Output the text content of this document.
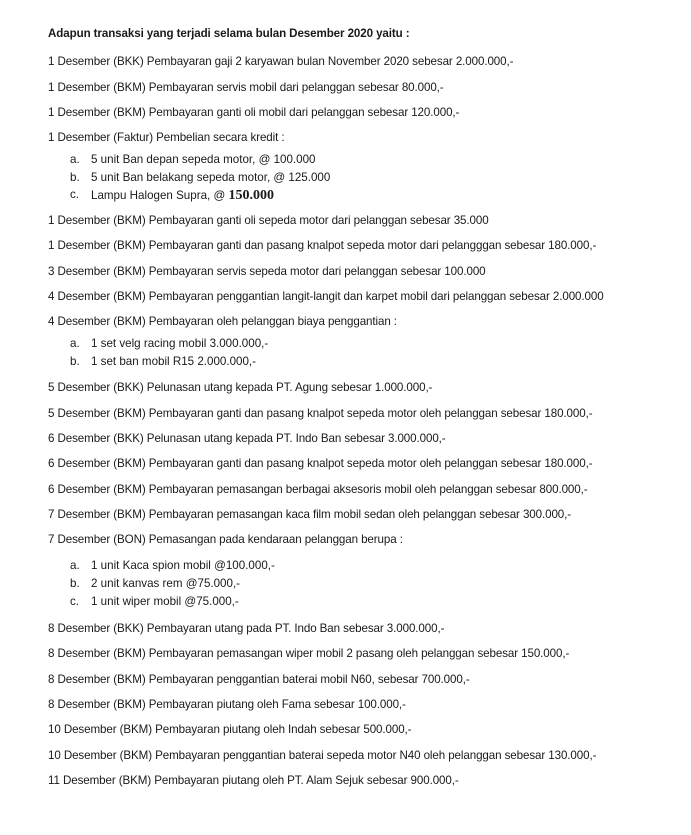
Adapun transaksi yang terjadi selama bulan Desember 2020 yaitu :
1 Desember (BKK) Pembayaran gaji 2 karyawan bulan November 2020 sebesar 2.000.000,-
1 Desember (BKM) Pembayaran servis mobil dari pelanggan sebesar 80.000,-
1 Desember (BKM) Pembayaran ganti oli mobil dari pelanggan sebesar 120.000,-
1 Desember (Faktur) Pembelian secara kredit :
a. 5 unit Ban depan sepeda motor, @ 100.000
b. 5 unit Ban belakang sepeda motor, @ 125.000
c. Lampu Halogen Supra, @ 150.000
1 Desember (BKM) Pembayaran ganti oli sepeda motor dari pelanggan sebesar 35.000
1 Desember (BKM) Pembayaran ganti dan pasang knalpot sepeda motor dari pelangggan sebesar 180.000,-
3 Desember (BKM) Pembayaran servis sepeda motor dari pelanggan sebesar 100.000
4 Desember (BKM) Pembayaran penggantian langit-langit dan karpet mobil dari pelanggan sebesar 2.000.000
4 Desember (BKM) Pembayaran oleh pelanggan biaya penggantian :
a. 1 set velg racing mobil 3.000.000,-
b. 1 set ban mobil R15 2.000.000,-
5 Desember (BKK) Pelunasan utang kepada PT. Agung sebesar 1.000.000,-
5 Desember (BKM) Pembayaran ganti dan pasang knalpot sepeda motor oleh pelanggan sebesar 180.000,-
6 Desember (BKK) Pelunasan utang kepada PT. Indo Ban sebesar 3.000.000,-
6 Desember (BKM) Pembayaran ganti dan pasang knalpot sepeda motor oleh pelanggan sebesar 180.000,-
6 Desember (BKM) Pembayaran pemasangan berbagai aksesoris mobil oleh pelanggan sebesar 800.000,-
7 Desember (BKM) Pembayaran pemasangan kaca film mobil sedan oleh pelanggan sebesar 300.000,-
7 Desember (BON) Pemasangan pada kendaraan pelanggan berupa :
a. 1 unit Kaca spion mobil @100.000,-
b. 2 unit kanvas rem @75.000,-
c. 1 unit wiper mobil @75.000,-
8 Desember (BKK) Pembayaran utang pada PT. Indo Ban sebesar 3.000.000,-
8 Desember (BKM) Pembayaran pemasangan wiper mobil 2 pasang oleh pelanggan sebesar 150.000,-
8 Desember (BKM) Pembayaran penggantian baterai mobil N60, sebesar 700.000,-
8 Desember (BKM) Pembayaran piutang oleh Fama sebesar 100.000,-
10 Desember (BKM) Pembayaran piutang oleh Indah sebesar 500.000,-
10 Desember (BKM) Pembayaran penggantian baterai sepeda motor N40 oleh pelanggan sebesar 130.000,-
11 Desember (BKM) Pembayaran piutang oleh PT. Alam Sejuk sebesar 900.000,-
